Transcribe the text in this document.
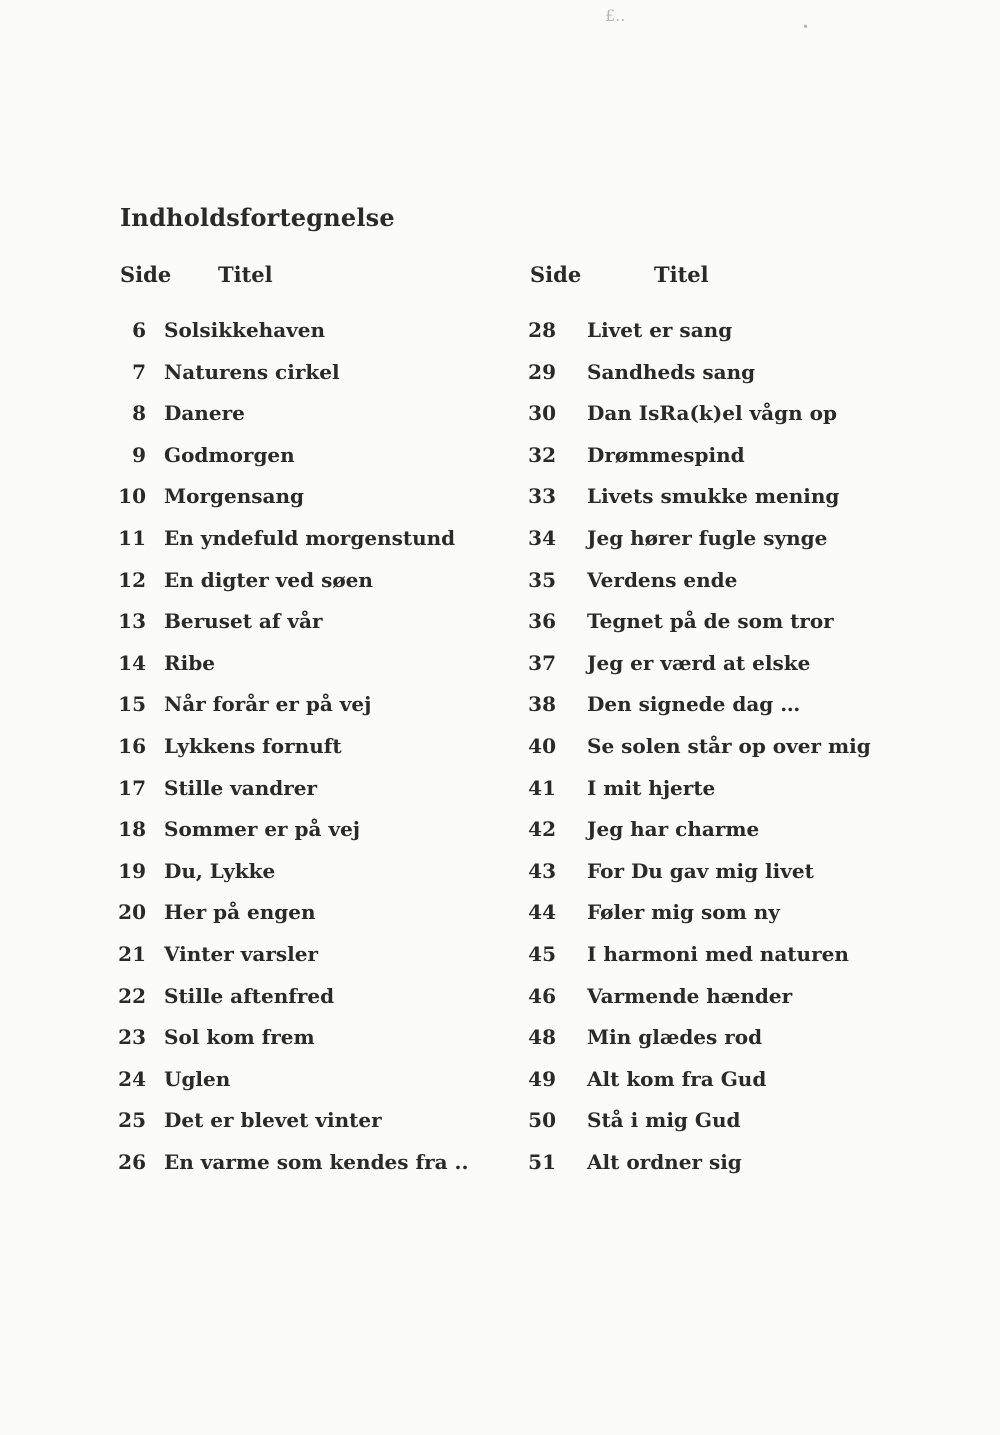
£..
•
Indholdsfortegnelse
Side Titel
6 Solsikkehaven
7 Naturens cirkel
8 Danere
9 Godmorgen
10 Morgensang
11 En yndefuld morgenstund
12 En digter ved søen
13 Beruset af vår
14 Ribe
15 Når forår er på vej
16 Lykkens fornuft
17 Stille vandrer
18 Sommer er på vej
19 Du, Lykke
20 Her på engen
21 Vinter varsler
22 Stille aftenfred
23 Sol kom frem
24 Uglen
25 Det er blevet vinter
26 En varme som kendes fra ..
Side	Titel
28 Livet er sang
29 Sandheds sang
30 Dan IsRa(k)el vågn op
32 Drømmespind
33 Livets smukke mening
34 Jeg hører fugle synge
35 Verdens ende
36 Tegnet på de som tror
37 Jeg er værd at elske
38 Den signede dag …
40 Se solen står op over mig
41 I mit hjerte
42 Jeg har charme
43 For Du gav mig livet
44 Føler mig som ny
45 I harmoni med naturen
46 Varmende hænder
48 Min glædes rod
49 Alt kom fra Gud
50 Stå i mig Gud
51 Alt ordner sig
